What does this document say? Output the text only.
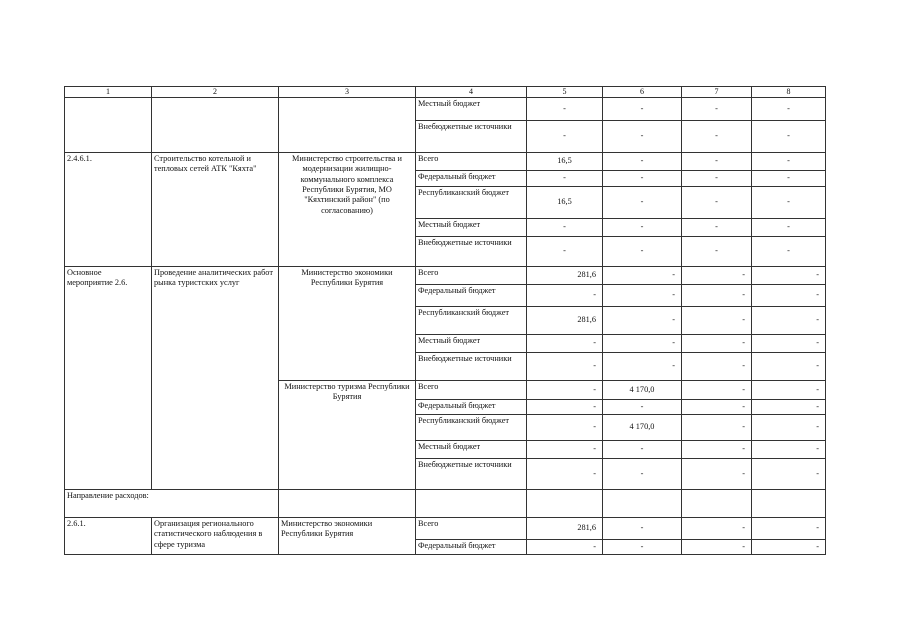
1	2	3	4	5	6	7	8
			Местный бюджет	-	-	-	-
			Внебюджетные источники	-	-	-	-
2.4.6.1.	Строительство котельной и тепловых сетей АТК "Кяхта"	Министерство строительства и модернизации жилищно-коммунального комплекса Республики Бурятия, МО "Кяхтинский район" (по согласованию)	Всего	16,5	-	-	-
			Федеральный бюджет	-	-	-	-
			Республиканский бюджет	16,5	-	-	-
			Местный бюджет	-	-	-	-
			Внебюджетные источники	-	-	-	-
Основное мероприятие 2.6.	Проведение аналитических работ рынка туристских услуг	Министерство экономики Республики Бурятия	Всего	281,6	-	-	-
			Федеральный бюджет	-	-	-	-
			Республиканский бюджет	281,6	-	-	-
			Местный бюджет	-	-	-	-
			Внебюджетные источники	-	-	-	-
		Министерство туризма Республики Бурятия	Всего	-	4 170,0	-	-
			Федеральный бюджет	-	-	-	-
			Республиканский бюджет	-	4 170,0	-	-
			Местный бюджет	-	-	-	-
			Внебюджетные источники	-	-	-	-
Направление расходов:							
2.6.1.	Организация регионального статистического наблюдения в сфере туризма	Министерство экономики Республики Бурятия	Всего	281,6	-	-	-
			Федеральный бюджет	-	-	-	-
